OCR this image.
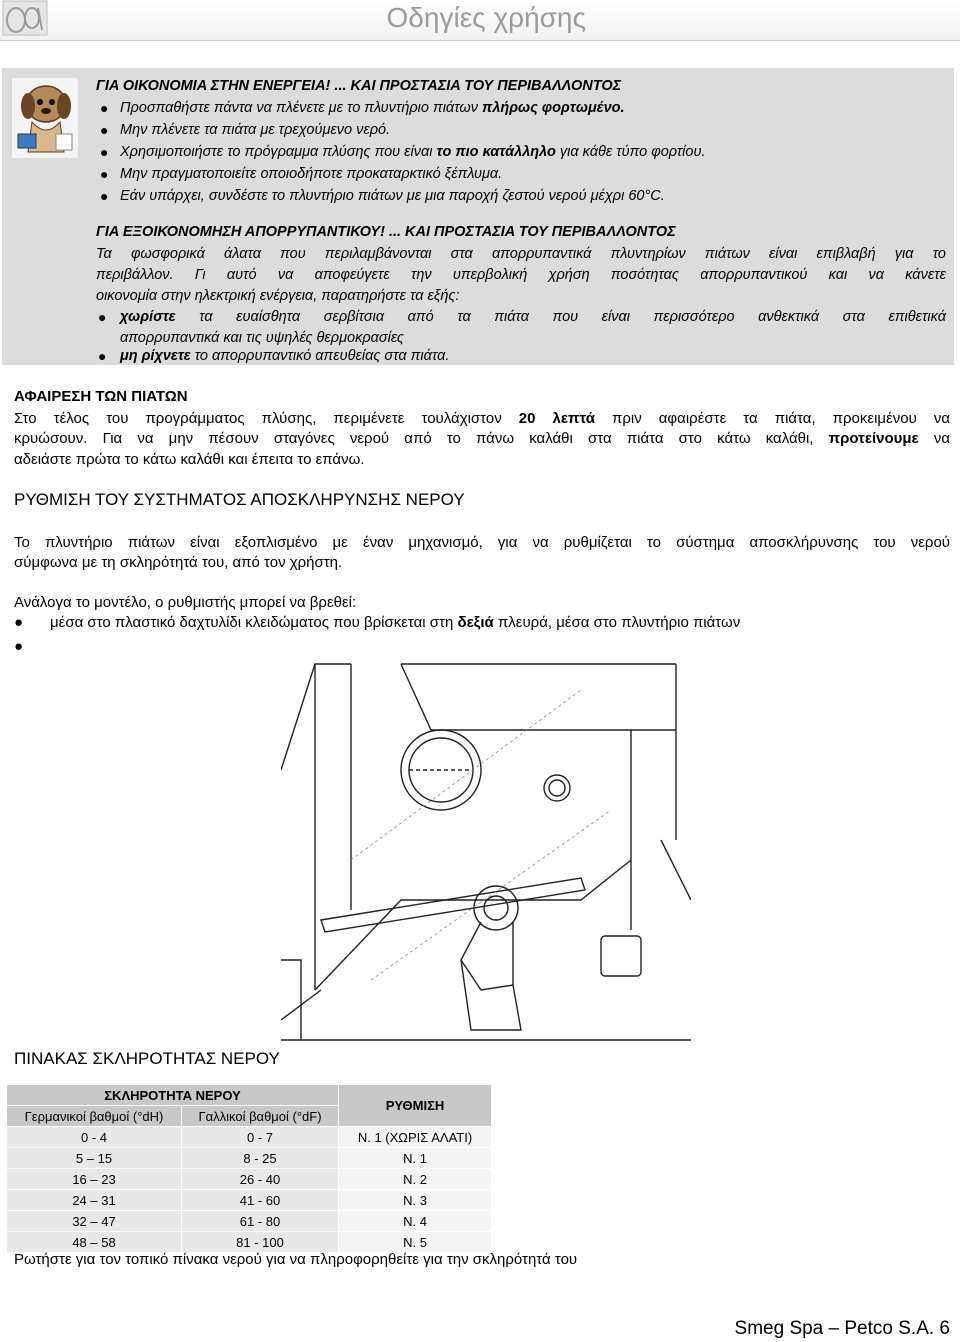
Οδηγίες χρήσης
ΓΙΑ ΟΙΚΟΝΟΜΙΑ ΣΤΗΝ ΕΝΕΡΓΕΙΑ! ... ΚΑΙ ΠΡΟΣΤΑΣΙΑ ΤΟΥ ΠΕΡΙΒΑΛΛΟΝΤΟΣ
● Προσπαθήστε πάντα να πλένετε με το πλυντήριο πιάτων πλήρως φορτωμένο.
● Μην πλένετε τα πιάτα με τρεχούμενο νερό.
● Χρησιμοποιήστε το πρόγραμμα πλύσης που είναι το πιο κατάλληλο για κάθε τύπο φορτίου.
● Μην πραγματοποιείτε οποιοδήποτε προκαταρκτικό ξέπλυμα.
● Εάν υπάρχει, συνδέστε το πλυντήριο πιάτων με μια παροχή ζεστού νερού μέχρι 60°C.
ΓΙΑ ΕΞΟΙΚΟΝΟΜΗΣΗ ΑΠΟΡΡΥΠΑΝΤΙΚΟΥ! ... ΚΑΙ ΠΡΟΣΤΑΣΙΑ ΤΟΥ ΠΕΡΙΒΑΛΛΟΝΤΟΣ
Τα φωσφορικά άλατα που περιλαμβάνονται στα απορρυπαντικά πλυντηρίων πιάτων είναι επιβλαβή για το
περιβάλλον. Γι αυτό να αποφεύγετε την υπερβολική χρήση ποσότητας απορρυπαντικού και να κάνετε
οικονομία στην ηλεκτρική ενέργεια, παρατηρήστε τα εξής:
● χωρίστε τα ευαίσθητα σερβίτσια από τα πιάτα που είναι περισσότερο ανθεκτικά στα επιθετικά
απορρυπαντικά και τις υψηλές θερμοκρασίες
● μη ρίχνετε το απορρυπαντικό απευθείας στα πιάτα.
ΑΦΑΙΡΕΣΗ ΤΩΝ ΠΙΑΤΩΝ
Στο τέλος του προγράμματος πλύσης, περιμένετε τουλάχιστον 20 λεπτά πριν αφαιρέστε τα πιάτα, προκειμένου να
κρυώσουν. Για να μην πέσουν σταγόνες νερού από το πάνω καλάθι στα πιάτα στο κάτω καλάθι, προτείνουμε να
αδειάστε πρώτα το κάτω καλάθι και έπειτα το επάνω.
ΡΥΘΜΙΣΗ ΤΟΥ ΣΥΣΤΗΜΑΤΟΣ ΑΠΟΣΚΛΗΡΥΝΣΗΣ ΝΕΡΟΥ
Το πλυντήριο πιάτων είναι εξοπλισμένο με έναν μηχανισμό, για να ρυθμίζεται το σύστημα αποσκλήρυνσης του νερού
σύμφωνα με τη σκληρότητά του, από τον χρήστη.
Ανάλογα το μοντέλο, ο ρυθμιστής μπορεί να βρεθεί:
● μέσα στο πλαστικό δαχτυλίδι κλειδώματος που βρίσκεται στη δεξιά πλευρά, μέσα στο πλυντήριο πιάτων
●
ΠΙΝΑΚΑΣ ΣΚΛΗΡΟΤΗΤΑΣ ΝΕΡΟΥ
ΣΚΛΗΡΟΤΗΤΑ ΝΕΡΟΥ		ΡΥΘΜΙΣΗ
Γερμανικοί βαθμοί (°dH)	Γαλλικοί βαθμοί (°dF)	
0 - 4	0 - 7	N. 1 (ΧΩΡΙΣ ΑΛΑΤΙ)
5 – 15	8 - 25	N. 1
16 – 23	26 - 40	N. 2
24 – 31	41 - 60	N. 3
32 – 47	61 - 80	N. 4
48 – 58	81 - 100	N. 5
Ρωτήστε για τον τοπικό πίνακα νερού για να πληροφορηθείτε για την σκληρότητά του
Smeg Spa – Petco S.A. 6
